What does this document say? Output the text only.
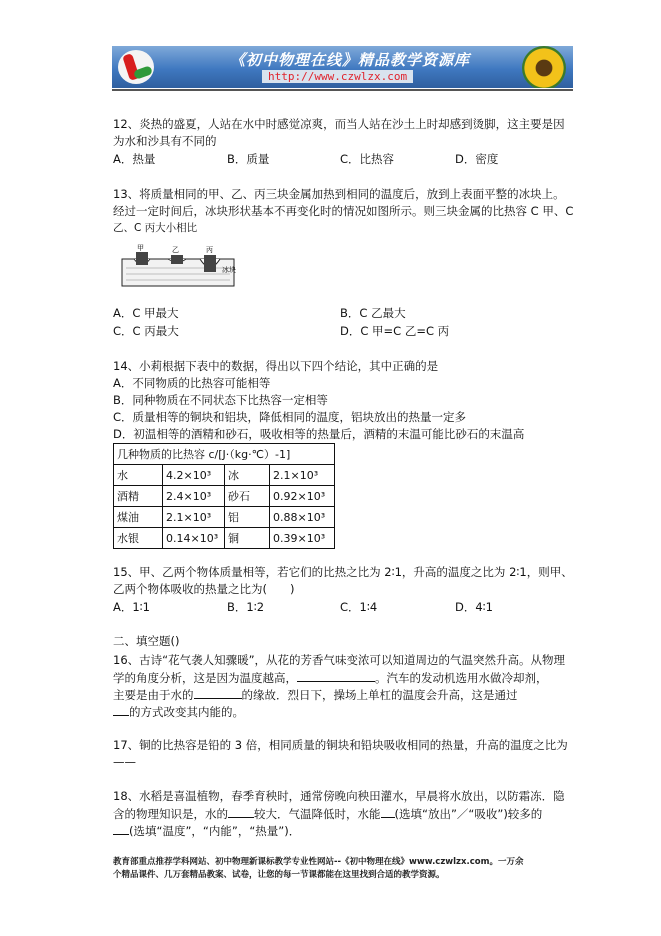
《初中物理在线》精品教学资源库
http://www.czwlzx.com
12、炎热的盛夏，人站在水中时感觉凉爽，而当人站在沙土上时却感到烫脚，这主要是因
为水和沙具有不同的
A．热量	B．质量	C．比热容	D．密度
13、将质量相同的甲、乙、丙三块金属加热到相同的温度后，放到上表面平整的冰块上。
经过一定时间后，冰块形状基本不再变化时的情况如图所示。则三块金属的比热容 C 甲、C
乙、C 丙大小相比
甲	乙	丙
冰块
A．C 甲最大	B．C 乙最大
C．C 丙最大	D．C 甲=C 乙=C 丙
14、小莉根据下表中的数据，得出以下四个结论，其中正确的是
A．不同物质的比热容可能相等
B．同种物质在不同状态下比热容一定相等
C．质量相等的铜块和铝块，降低相同的温度，铝块放出的热量一定多
D．初温相等的酒精和砂石，吸收相等的热量后，酒精的末温可能比砂石的末温高
几种物质的比热容 c/[J·（kg·℃）-1]			
水	4.2×10³	冰	2.1×10³
酒精	2.4×10³	砂石	0.92×10³
煤油	2.1×10³	铝	0.88×10³
水银	0.14×10³	铜	0.39×10³
15、甲、乙两个物体质量相等，若它们的比热之比为 2∶1，升高的温度之比为 2∶1，则甲、
乙两个物体吸收的热量之比为(　　)
A．1∶1	B．1∶2	C．1∶4	D．4∶1
二、填空题()
16、古诗“花气袭人知骤暖”，从花的芳香气味变浓可以知道周边的气温突然升高。从物理
学的角度分析，这是因为温度越高，	。汽车的发动机选用水做冷却剂，
主要是由于水的	的缘故．烈日下，操场上单杠的温度会升高，这是通过
的方式改变其内能的。
17、铜的比热容是铅的 3 倍，相同质量的铜块和铅块吸收相同的热量，升高的温度之比为
——
18、水稻是喜温植物，春季育秧时，通常傍晚向秧田灌水，早晨将水放出，以防霜冻．隐
含的物理知识是，水的 较大．气温降低时，水能 (选填“放出”／“吸收”)较多的
(选填“温度”，“内能”，“热量”)．
教育部重点推荐学科网站、初中物理新课标教学专业性网站--《初中物理在线》www.czwlzx.com。一万余
个精品课件、几万套精品教案、试卷，让您的每一节课都能在这里找到合适的教学资源。
